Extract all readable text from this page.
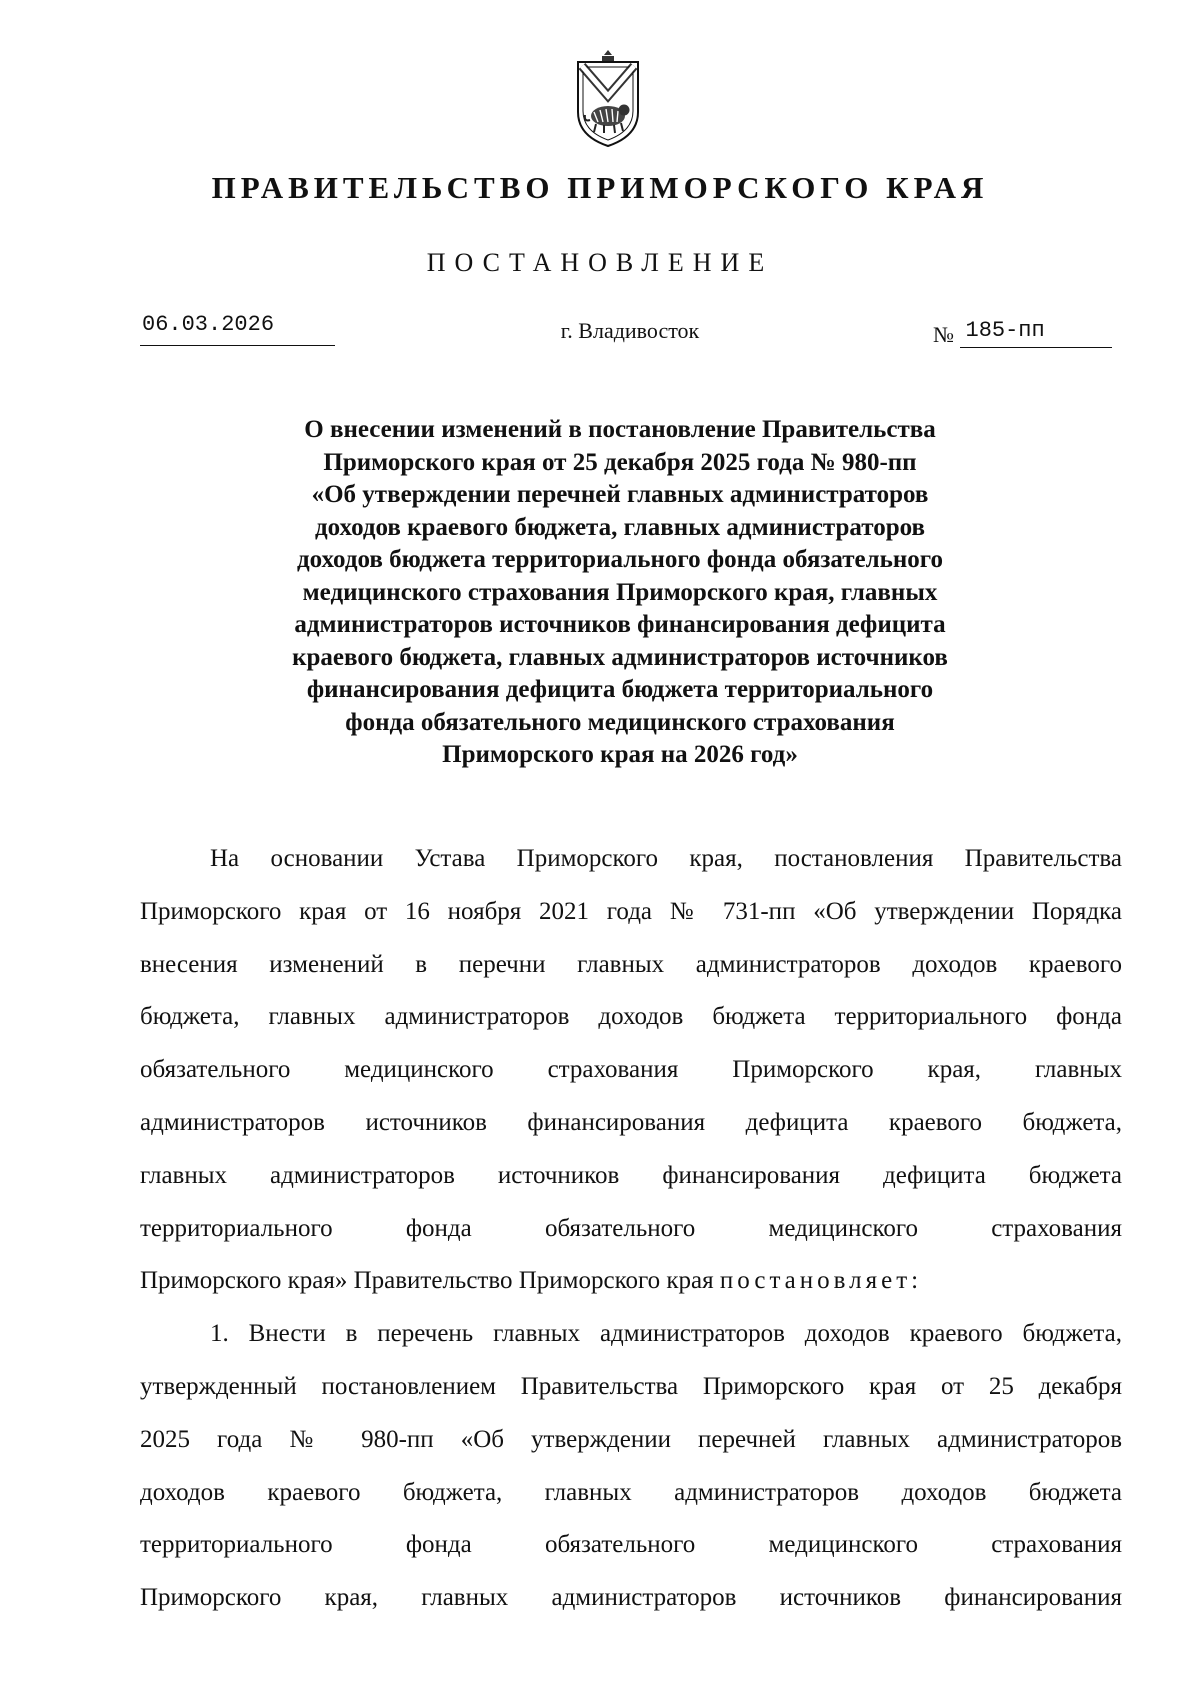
ПРАВИТЕЛЬСТВО ПРИМОРСКОГО КРАЯ
ПОСТАНОВЛЕНИЕ
06.03.2026	г. Владивосток	№ 185-пп
О внесении изменений в постановление Правительства
Приморского края от 25 декабря 2025 года № 980-пп
«Об утверждении перечней главных администраторов
доходов краевого бюджета, главных администраторов
доходов бюджета территориального фонда обязательного
медицинского страхования Приморского края, главных
администраторов источников финансирования дефицита
краевого бюджета, главных администраторов источников
финансирования дефицита бюджета территориального
фонда обязательного медицинского страхования
Приморского края на 2026 год»
На основании Устава Приморского края, постановления Правительства
Приморского края от 16 ноября 2021 года № 731-пп «Об утверждении Порядка
внесения изменений в перечни главных администраторов доходов краевого
бюджета, главных администраторов доходов бюджета территориального фонда
обязательного медицинского страхования Приморского края, главных
администраторов источников финансирования дефицита краевого бюджета,
главных администраторов источников финансирования дефицита бюджета
территориального фонда обязательного медицинского страхования
Приморского края» Правительство Приморского края постановляет:
1. Внести в перечень главных администраторов доходов краевого бюджета,
утвержденный постановлением Правительства Приморского края от 25 декабря
2025 года № 980-пп «Об утверждении перечней главных администраторов
доходов краевого бюджета, главных администраторов доходов бюджета
территориального фонда обязательного медицинского страхования
Приморского края, главных администраторов источников финансирования
